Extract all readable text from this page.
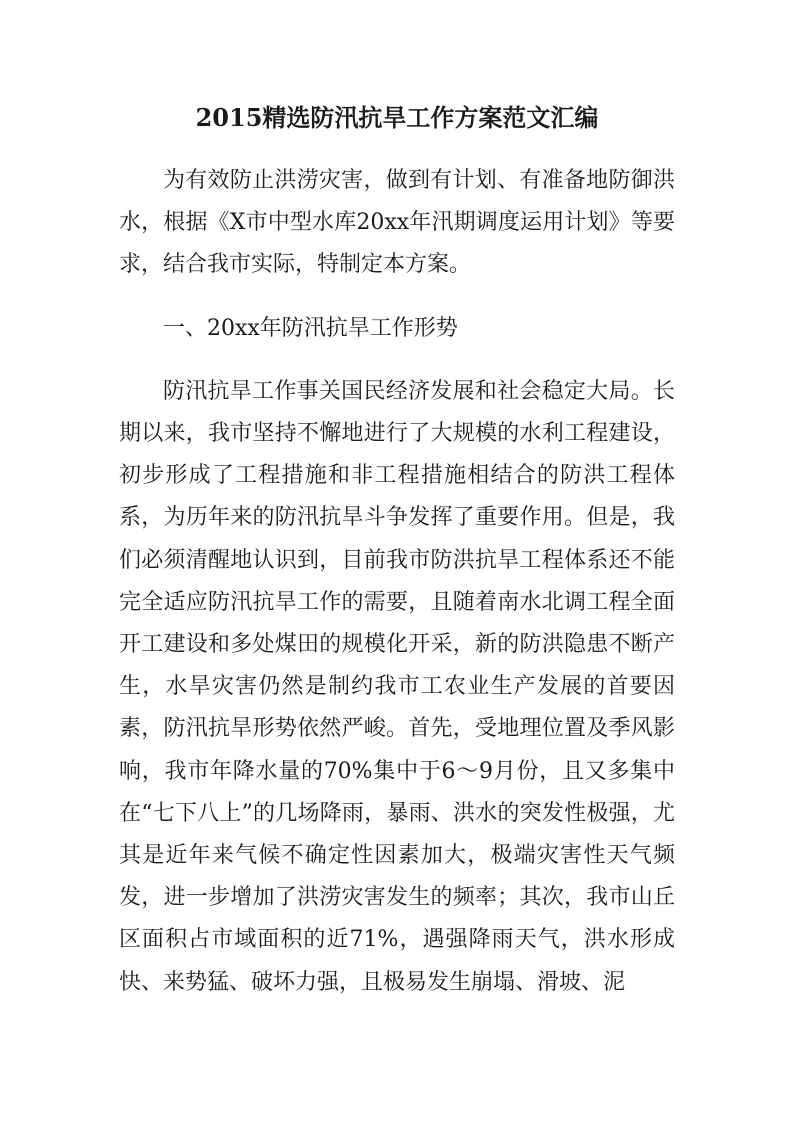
2015精选防汛抗旱工作方案范文汇编

为有效防止洪涝灾害，做到有计划、有准备地防御洪水，根据《X市中型水库20xx年汛期调度运用计划》等要求，结合我市实际，特制定本方案。

一、20xx年防汛抗旱工作形势

防汛抗旱工作事关国民经济发展和社会稳定大局。长期以来，我市坚持不懈地进行了大规模的水利工程建设，初步形成了工程措施和非工程措施相结合的防洪工程体系，为历年来的防汛抗旱斗争发挥了重要作用。但是，我们必须清醒地认识到，目前我市防洪抗旱工程体系还不能完全适应防汛抗旱工作的需要，且随着南水北调工程全面开工建设和多处煤田的规模化开采，新的防洪隐患不断产生，水旱灾害仍然是制约我市工农业生产发展的首要因素，防汛抗旱形势依然严峻。首先，受地理位置及季风影响，我市年降水量的70%集中于6～9月份，且又多集中在“七下八上”的几场降雨，暴雨、洪水的突发性极强，尤其是近年来气候不确定性因素加大，极端灾害性天气频发，进一步增加了洪涝灾害发生的频率；其次，我市山丘区面积占市域面积的近71%，遇强降雨天气，洪水形成快、来势猛、破坏力强，且极易发生崩塌、滑坡、泥
